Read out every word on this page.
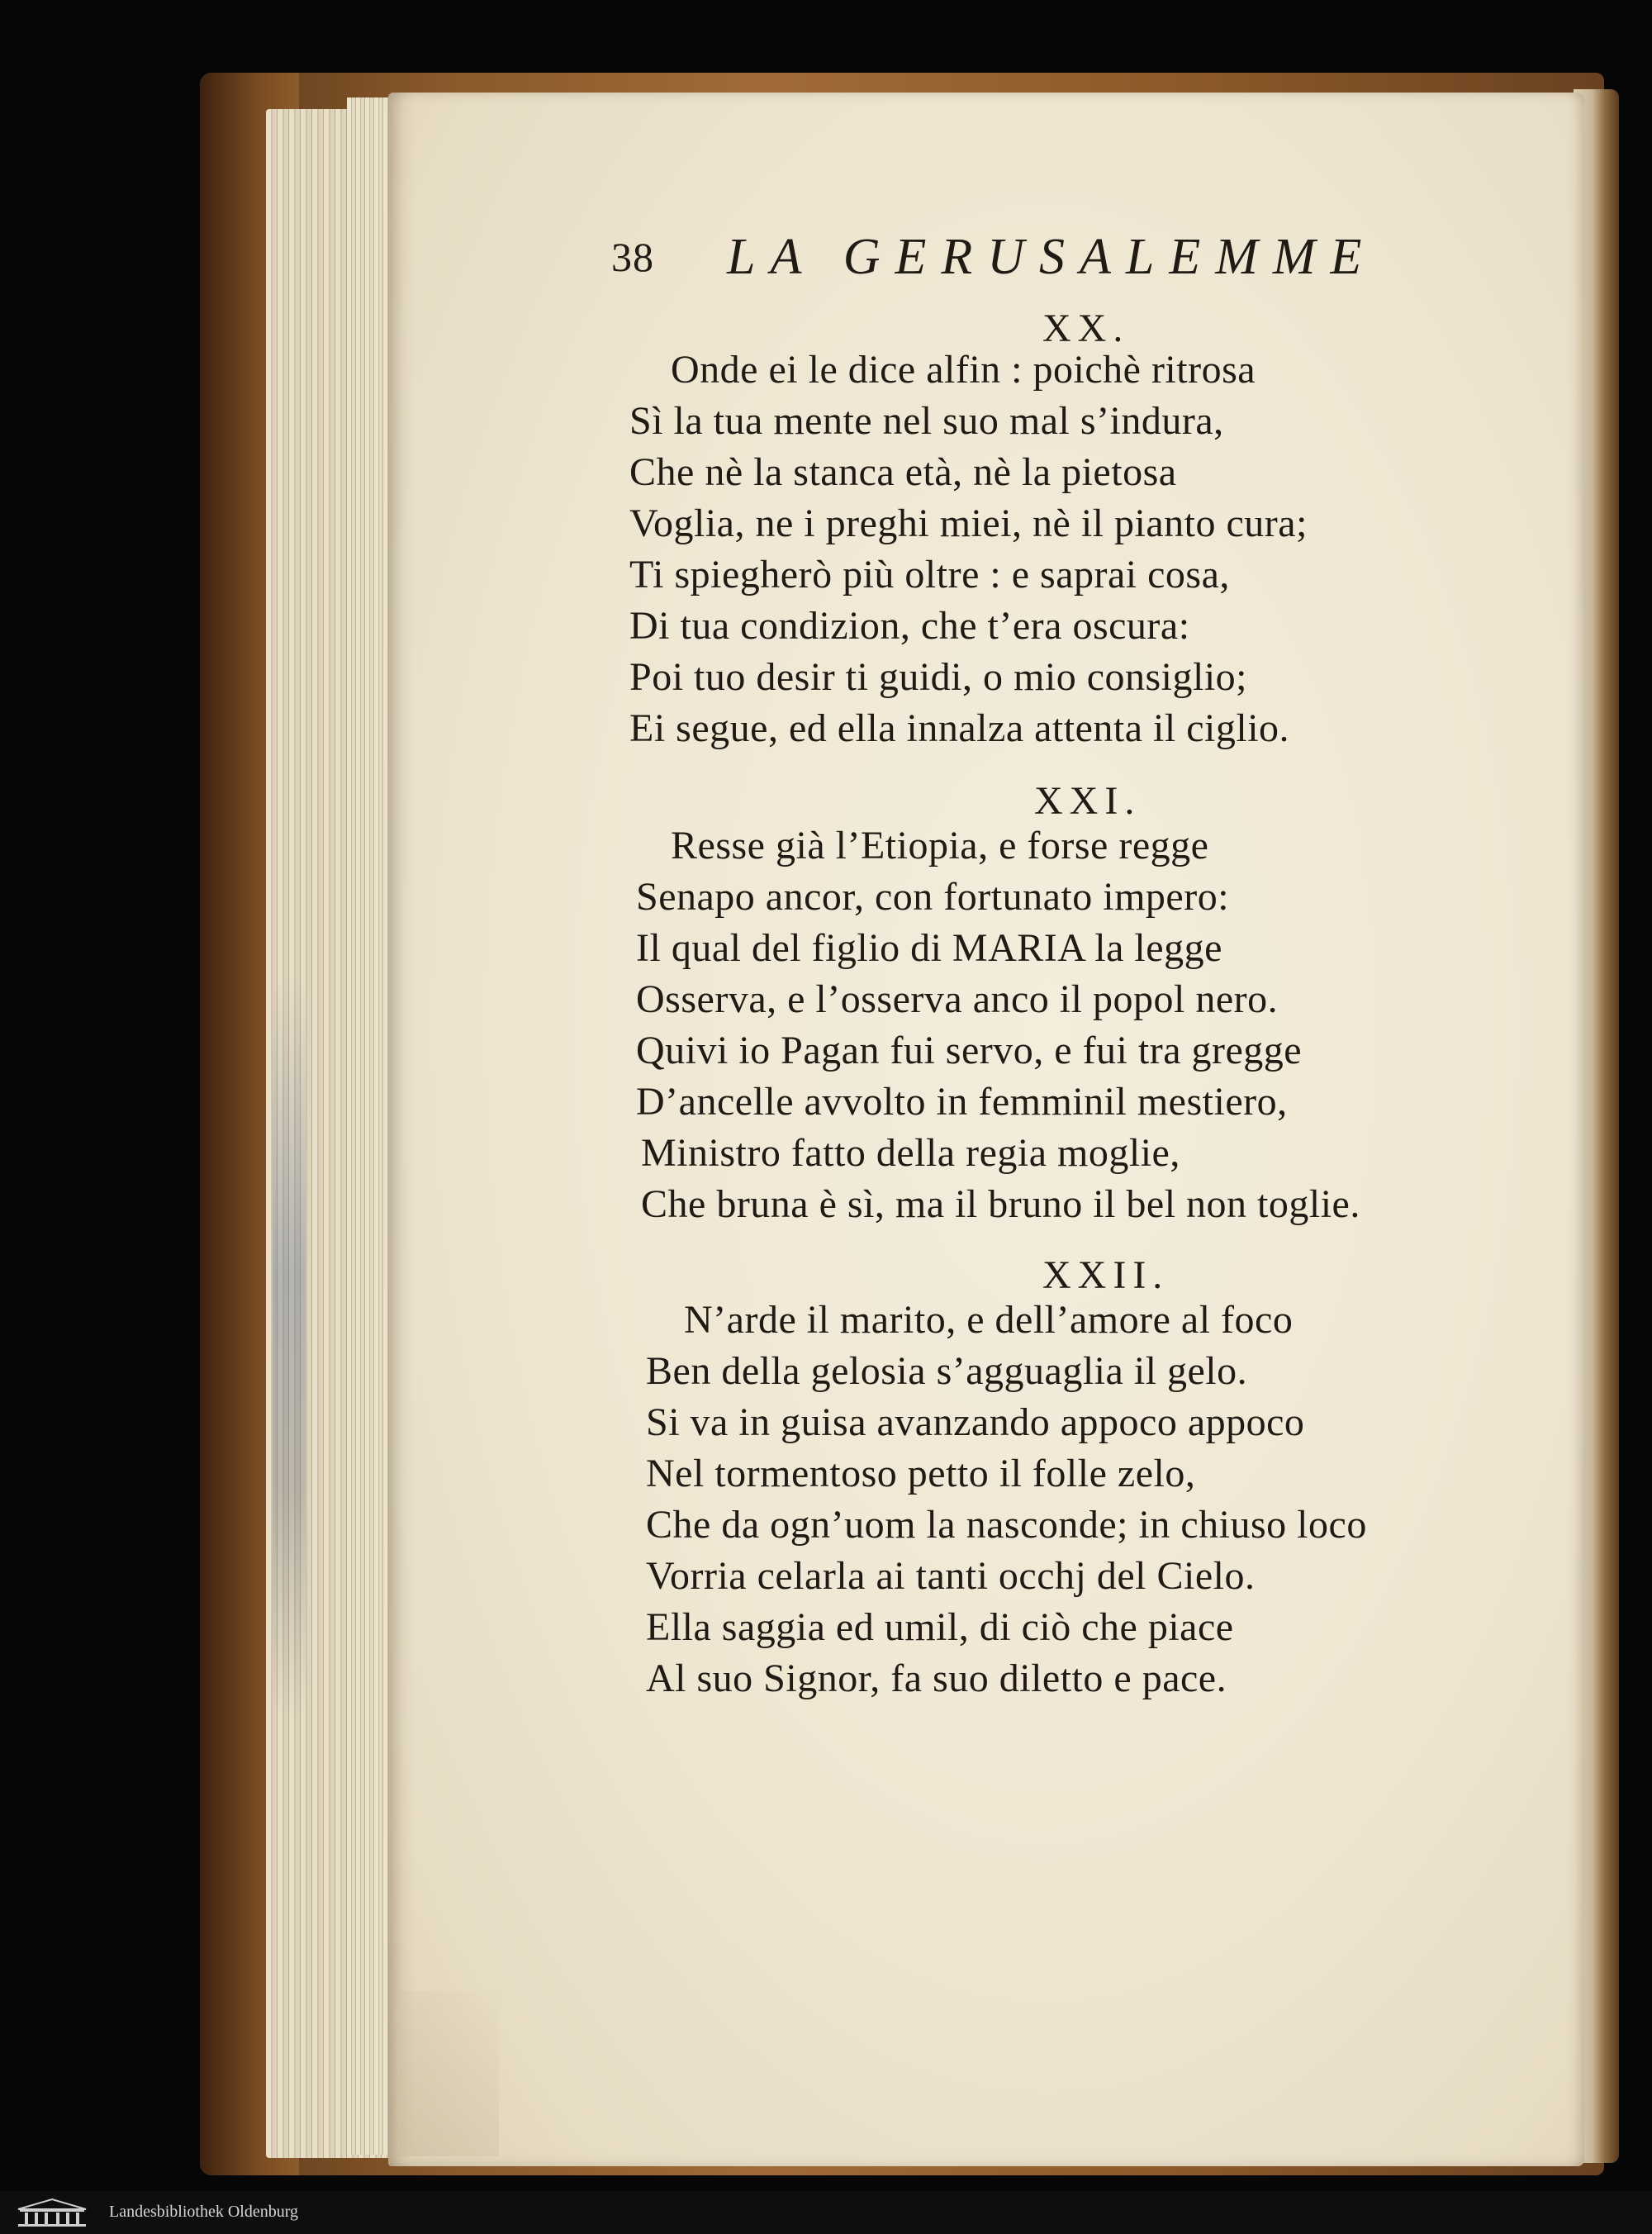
38 LA GERUSALEMME
XX.
Onde ei le dice alfin : poichè ritrosa
Sì la tua mente nel suo mal s’indura,
Che nè la stanca età, nè la pietosa
Voglia, ne i preghi miei, nè il pianto cura;
Ti spiegherò più oltre : e saprai cosa,
Di tua condizion, che t’era oscura:
Poi tuo desir ti guidi, o mio consiglio;
Ei segue, ed ella innalza attenta il ciglio.
XXI.
Resse già l’Etiopia, e forse regge
Senapo ancor, con fortunato impero:
Il qual del figlio di MARIA la legge
Osserva, e l’osserva anco il popol nero.
Quivi io Pagan fui servo, e fui tra gregge
D’ancelle avvolto in femminil mestiero,
Ministro fatto della regia moglie,
Che bruna è sì, ma il bruno il bel non toglie.
XXII.
N’arde il marito, e dell’amore al foco
Ben della gelosia s’agguaglia il gelo.
Si va in guisa avanzando appoco appoco
Nel tormentoso petto il folle zelo,
Che da ogn’uom la nasconde; in chiuso loco
Vorria celarla ai tanti occhj del Cielo.
Ella saggia ed umil, di ciò che piace
Al suo Signor, fa suo diletto e pace.
Landesbibliothek Oldenburg
